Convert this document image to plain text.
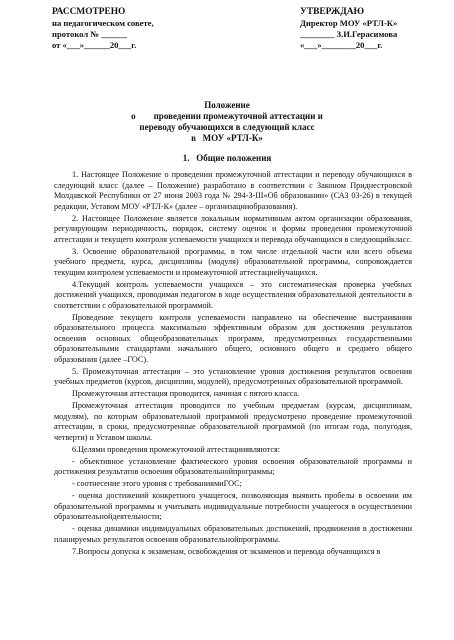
РАССМОТРЕНО
на педагогическом совете,
протокол № ______
от «___»______20___г.
УТВЕРЖДАЮ
Директор МОУ «РТЛ-К»
________ З.И.Герасимова
«___»________20___г.
Положение
о        проведении промежуточной аттестации и
переводу обучающихся в следующий класс
в   МОУ «РТЛ-К»
1.   Общие положения

1. Настоящее Положение о проведении промежуточной аттестации и переводу обучающихся в следующий класс (далее – Положение) разработано в соответствии с Законом Приднестровской Молдавской Республики от 27 июня 2003 года № 294-З-III«Об образовании» (САЗ 03-26) в текущей редакции, Уставом МОУ «РТЛ-К» (далее – организацииобразования).

2. Настоящее Положение является локальным нормативным актом организации образования, регулирующим периодичность, порядок, систему оценок и формы проведения промежуточной аттестации и текущего контроля успеваемости учащихся и перевода обучающихся в следующийкласс.

3. Освоение образовательной программы, в том числе отдельной части или всего объема учебного предмета, курса, дисциплины (модуля) образовательной программы, сопровождается текущим контролем успеваемости и промежуточной аттестациейучащихся.

4.Текущий контроль успеваемости учащихся – это систематическая проверка учебных достижений учащихся, проводимая педагогом в ходе осуществления образовательной деятельности в соответствии с образовательной программой.

Проведение текущего контроля успеваемости направлено на обеспечение выстраивания образовательного процесса максимально эффективным образом для достижения результатов освоения основных общеобразовательных программ, предусмотренных государственными образовательными стандартами начального общего, основного общего и среднего общего образования (далее –ГОС).

5. Промежуточная аттестация – это установление уровня достижения результатов освоения учебных предметов (курсов, дисциплин, модулей), предусмотренных образовательной программой.

Промежуточная аттестация проводится, начиная с пятого класса.

Промежуточная аттестация проводится по учебным предметам (курсам, дисциплинам, модулям), по которым образовательной программой предусмотрено проведение промежуточной аттестации, в сроки, предусмотренные образовательной программой (по итогам года, полугодия, четверти) и Уставом школы.

6.Целями проведения промежуточной аттестацииявляются:

- объективное установление фактического уровня освоения образовательной программы и достижения результатов освоения образовательнойпрограммы;

- соотнесение этого уровня с требованиямиГОС;

- оценка достижений конкретного учащегося, позволяющая выявить пробелы в освоении им образовательной программы и учитывать индивидуальные потребности учащегося в осуществлении образовательнойдеятельности;

- оценка динамики индивидуальных образовательных достижений, продвижения в достижении планируемых результатов освоения образовательнойпрограммы.

7.Вопросы допуска к экзаменам, освобождения от экзаменов и перевода обучающихся в
